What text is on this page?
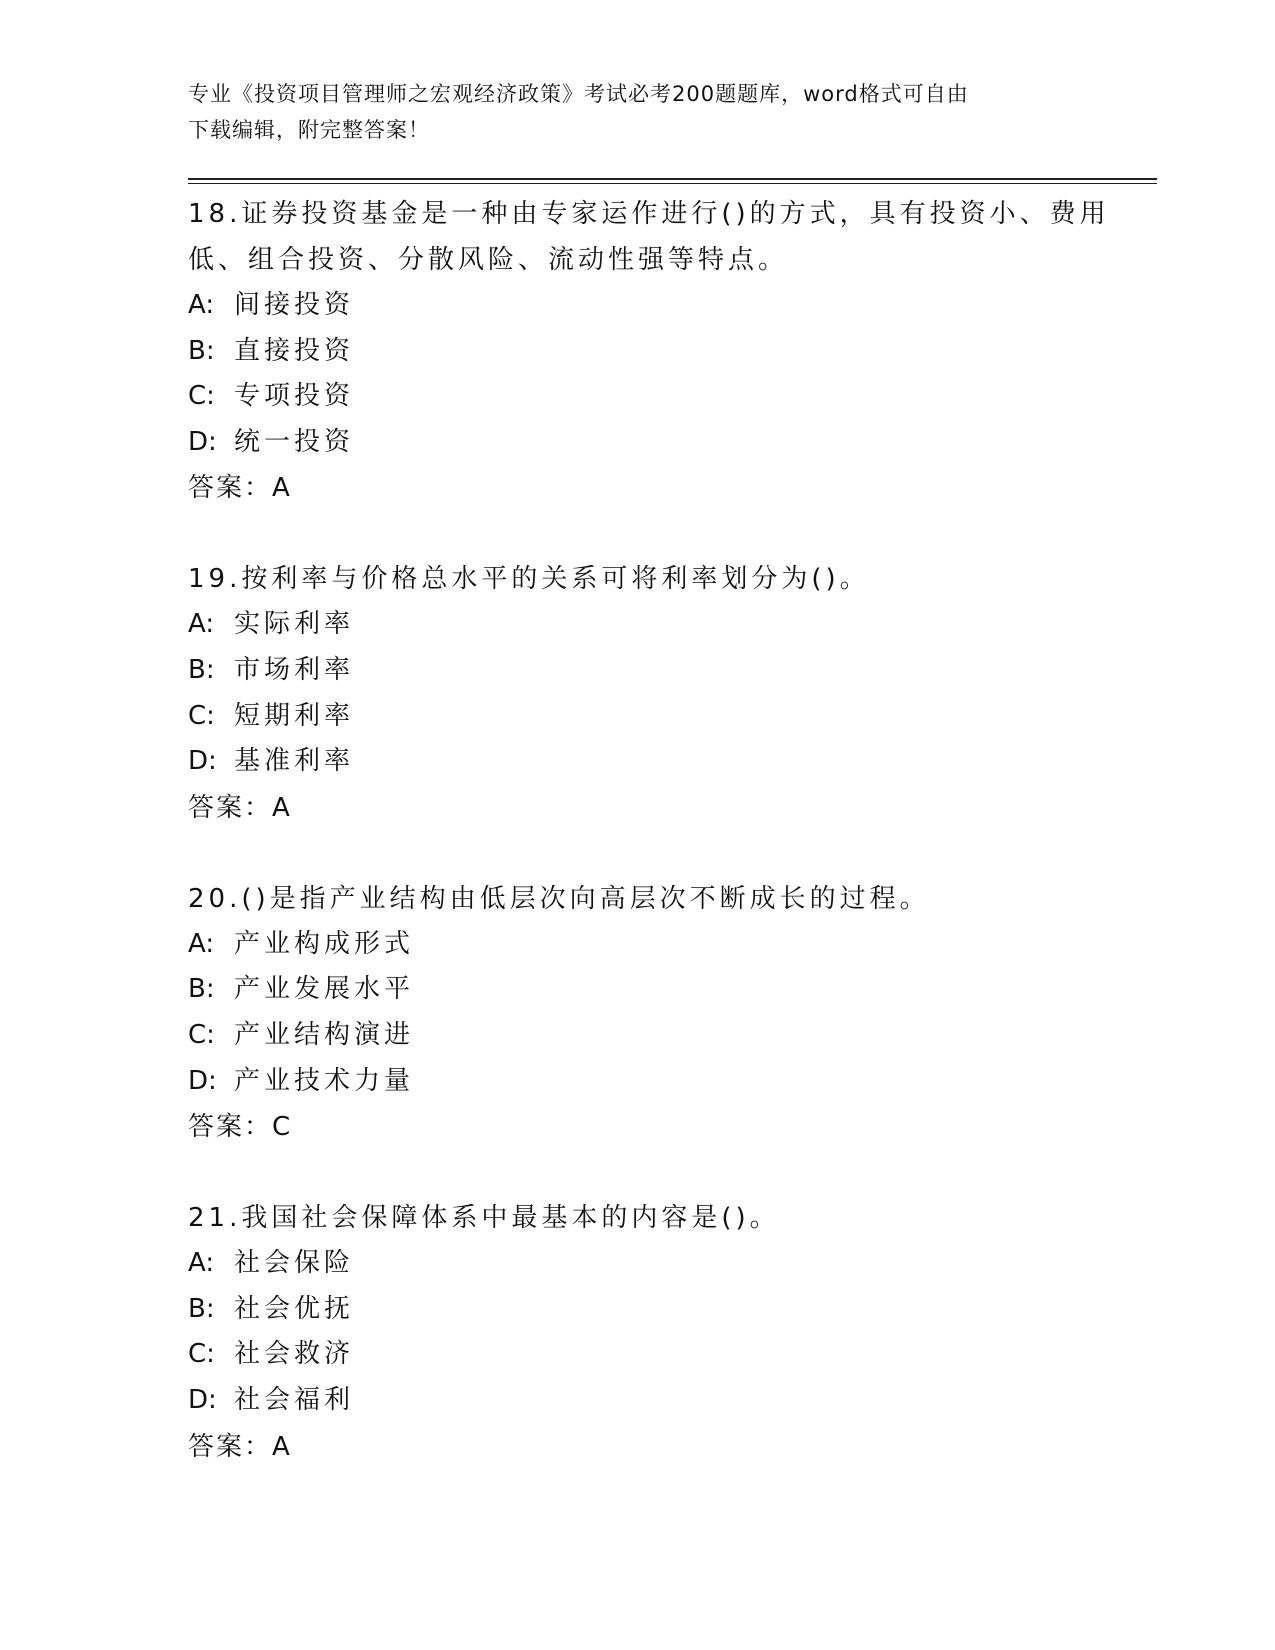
专业《投资项目管理师之宏观经济政策》考试必考200题题库，word格式可自由
下载编辑，附完整答案！
18.证券投资基金是一种由专家运作进行()的方式，具有投资小、费用
低、组合投资、分散风险、流动性强等特点。
A: 间接投资
B: 直接投资
C: 专项投资
D: 统一投资
答案：A
19.按利率与价格总水平的关系可将利率划分为()。
A: 实际利率
B: 市场利率
C: 短期利率
D: 基准利率
答案：A
20.()是指产业结构由低层次向高层次不断成长的过程。
A: 产业构成形式
B: 产业发展水平
C: 产业结构演进
D: 产业技术力量
答案：C
21.我国社会保障体系中最基本的内容是()。
A: 社会保险
B: 社会优抚
C: 社会救济
D: 社会福利
答案：A
